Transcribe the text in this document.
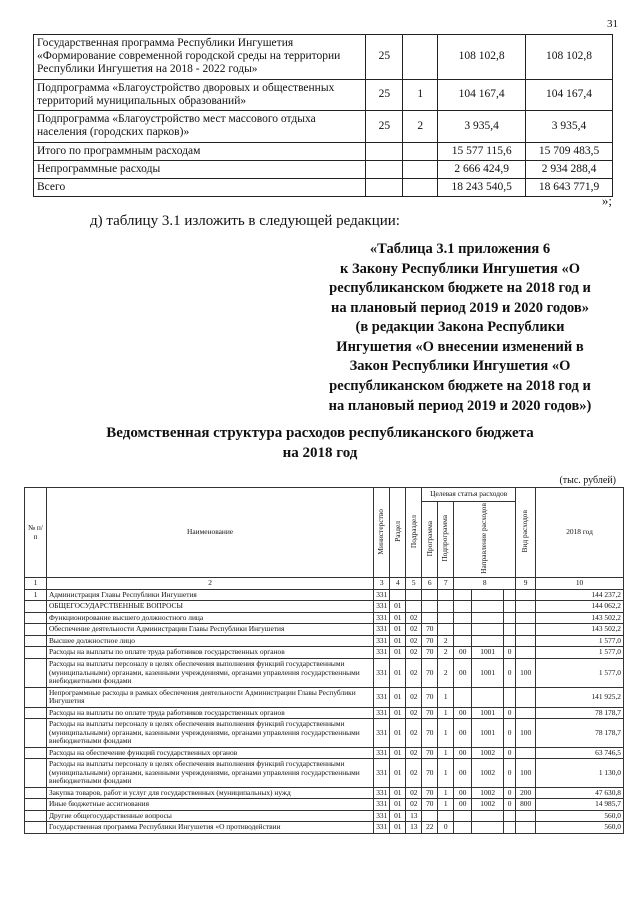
31
Государственная программа Республики Ингушетия «Формирование современной городской среды на территории Республики Ингушетия на 2018 - 2022 годы»	25		108 102,8	108 102,8
Подпрограмма «Благоустройство дворовых и общественных территорий муниципальных образований»	25	1	104 167,4	104 167,4
Подпрограмма «Благоустройство мест массового отдыха населения (городских парков)»	25	2	3 935,4	3 935,4
Итого по программным расходам			15 577 115,6	15 709 483,5
Непрограммные расходы			2 666 424,9	2 934 288,4
Всего			18 243 540,5	18 643 771,9
»;
д) таблицу 3.1 изложить в следующей редакции:
«Таблица 3.1 приложения 6
к Закону Республики Ингушетия «О
республиканском бюджете на 2018 год и
на плановый период 2019 и 2020 годов»
(в редакции Закона Республики
Ингушетия «О внесении изменений в
Закон Республики Ингушетия «О
республиканском бюджете на 2018 год и
на плановый период 2019 и 2020 годов»)
Ведомственная структура расходов республиканского бюджета
на 2018 год
(тыс. рублей)
№ п/п	Наименование	Министерство	Раздел	Подраздел	Целевая статья расходов					Вид расходов	2018 год
					Программа	Подпрограмма	Направление расходов				
1	2	3	4	5	6	7	8			9	10
1	Администрация Главы Республики Ингушетия	331									144 237,2
	ОБЩЕГОСУДАРСТВЕННЫЕ ВОПРОСЫ	331	01								144 062,2
	Функционирование высшего должностного лица	331	01	02							143 502,2
	Обеспечение деятельности Администрации Главы Республики Ингушетия	331	01	02	70						143 502,2
	Высшее должностное лицо	331	01	02	70	2					1 577,0
	Расходы на выплаты по оплате труда работников государственных органов	331	01	02	70	2	00	1001	0		1 577,0
	Расходы на выплаты персоналу в целях обеспечения выполнения функций государственными (муниципальными) органами, казенными учреждениями, органами управления государственными внебюджетными фондами	331	01	02	70	2	00	1001	0	100	1 577,0
	Непрограммные расходы в рамках обеспечения деятельности Администрации Главы Республики Ингушетия	331	01	02	70	1					141 925,2
	Расходы на выплаты по оплате труда работников государственных органов	331	01	02	70	1	00	1001	0		78 178,7
	Расходы на выплаты персоналу в целях обеспечения выполнения функций государственными (муниципальными) органами, казенными учреждениями, органами управления государственными внебюджетными фондами	331	01	02	70	1	00	1001	0	100	78 178,7
	Расходы на обеспечение функций государственных органов	331	01	02	70	1	00	1002	0		63 746,5
	Расходы на выплаты персоналу в целях обеспечения выполнения функций государственными (муниципальными) органами, казенными учреждениями, органами управления государственными внебюджетными фондами	331	01	02	70	1	00	1002	0	100	1 130,0
	Закупка товаров, работ и услуг для государственных (муниципальных) нужд	331	01	02	70	1	00	1002	0	200	47 630,8
	Иные бюджетные ассигнования	331	01	02	70	1	00	1002	0	800	14 985,7
	Другие общегосударственные вопросы	331	01	13							560,0
	Государственная программа Республики Ингушетия «О противодействии	331	01	13	22	0					560,0
